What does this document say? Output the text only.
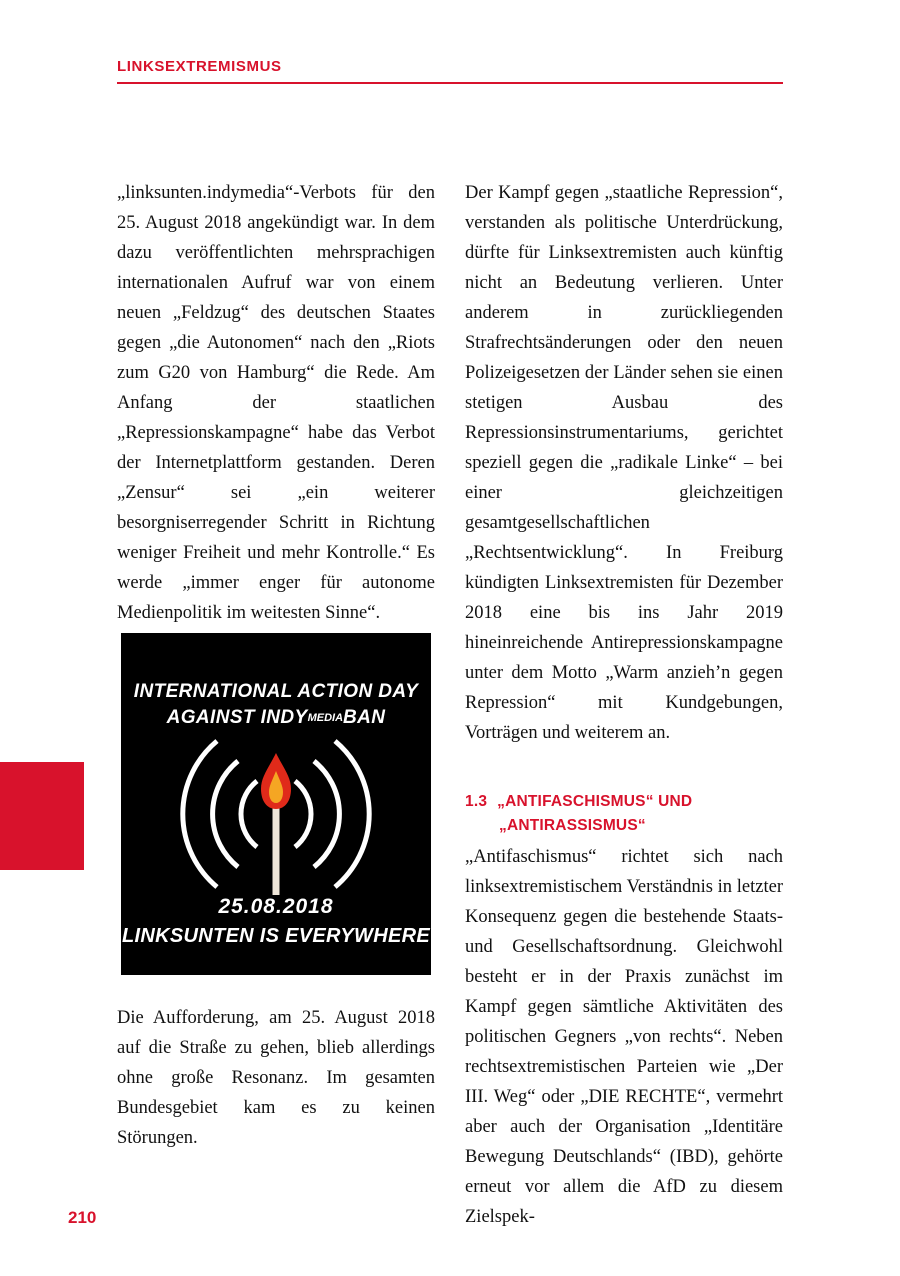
LINKSEXTREMISMUS

„linksunten.indymedia“-Verbots für den 25. August 2018 angekündigt war. In dem dazu veröffentlichten mehrsprachigen internationalen Aufruf war von einem neuen „Feldzug“ des deutschen Staates gegen „die Autonomen“ nach den „Riots zum G20 von Hamburg“ die Rede. Am Anfang der staatlichen „Repressionskampagne“ habe das Verbot der Internetplattform gestanden. Deren „Zensur“ sei „ein weiterer besorgniserregender Schritt in Richtung weniger Freiheit und mehr Kontrolle.“ Es werde „immer enger für autonome Medienpolitik im weitesten Sinne“.

INTERNATIONAL ACTION DAY
AGAINST INDYMEDIABAN
25.08.2018
LINKSUNTEN IS EVERYWHERE

Die Aufforderung, am 25. August 2018 auf die Straße zu gehen, blieb allerdings ohne große Resonanz. Im gesamten Bundesgebiet kam es zu keinen Störungen.

Der Kampf gegen „staatliche Repression“, verstanden als politische Unterdrückung, dürfte für Linksextremisten auch künftig nicht an Bedeutung verlieren. Unter anderem in zurückliegenden Strafrechtsänderungen oder den neuen Polizeigesetzen der Länder sehen sie einen stetigen Ausbau des Repressionsinstrumentariums, gerichtet speziell gegen die „radikale Linke“ – bei einer gleichzeitigen gesamtgesellschaftlichen „Rechtsentwicklung“. In Freiburg kündigten Linksextremisten für Dezember 2018 eine bis ins Jahr 2019 hineinreichende Antirepressionskampagne unter dem Motto „Warm anzieh’n gegen Repression“ mit Kundgebungen, Vorträgen und weiterem an.

1.3 „ANTIFASCHISMUS“ UND
„ANTIRASSISMUS“

„Antifaschismus“ richtet sich nach linksextremistischem Verständnis in letzter Konsequenz gegen die bestehende Staats- und Gesellschaftsordnung. Gleichwohl besteht er in der Praxis zunächst im Kampf gegen sämtliche Aktivitäten des politischen Gegners „von rechts“. Neben rechtsextremistischen Parteien wie „Der III. Weg“ oder „DIE RECHTE“, vermehrt aber auch der Organisation „Identitäre Bewegung Deutschlands“ (IBD), gehörte erneut vor allem die AfD zu diesem Zielspek-

210
